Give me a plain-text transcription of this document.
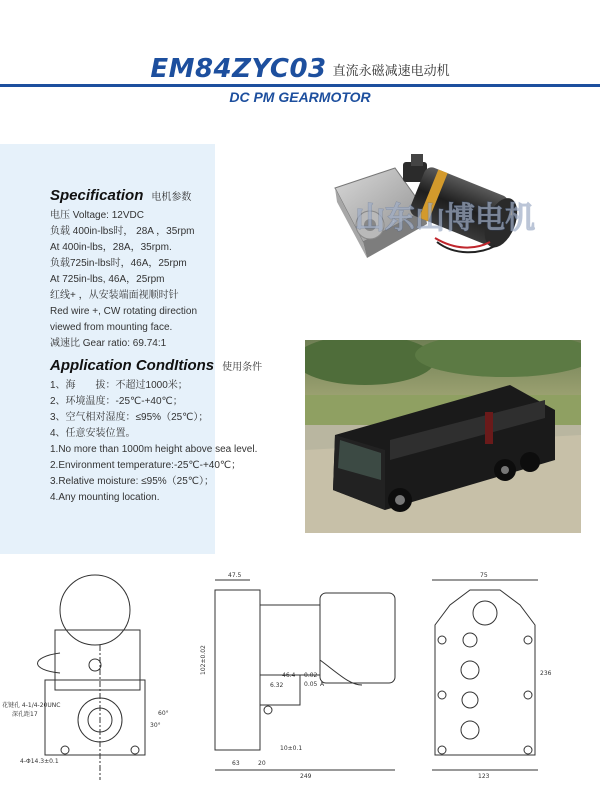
EM84ZYC03 直流永磁减速电动机
DC PM GEARMOTOR
Specification 电机参数
电压 Voltage: 12VDC
负载 400in-lbs时， 28A ，35rpm
At 400in-lbs，28A，35rpm.
负载725in-lbs时，46A，25rpm
At 725in-lbs, 46A，25rpm
红线+ ，从安装端面视顺时针
Red wire +, CW rotating direction
viewed from mounting face.
减速比 Gear ratio: 69.74:1
Application CondItions 使用条件
1、海　　拔：不超过1000米；
2、环境温度：-25℃-+40℃；
3、空气相对湿度：≤95%（25℃）；
4、任意安装位置。
1.No more than 1000m height above sea level.
2.Environment temperature:-25℃-+40℃；
3.Relative moisture: ≤95%（25℃）；
4.Any mounting location.
山东山博电机
4-Φ14.3±0.1
花键孔 4-1/4-20UNC
深孔距17
30°
60°
47.5
249
63	20
10±0.1
6.32
0.02
0.05 A
46.4
75
123
236
102±0.02
